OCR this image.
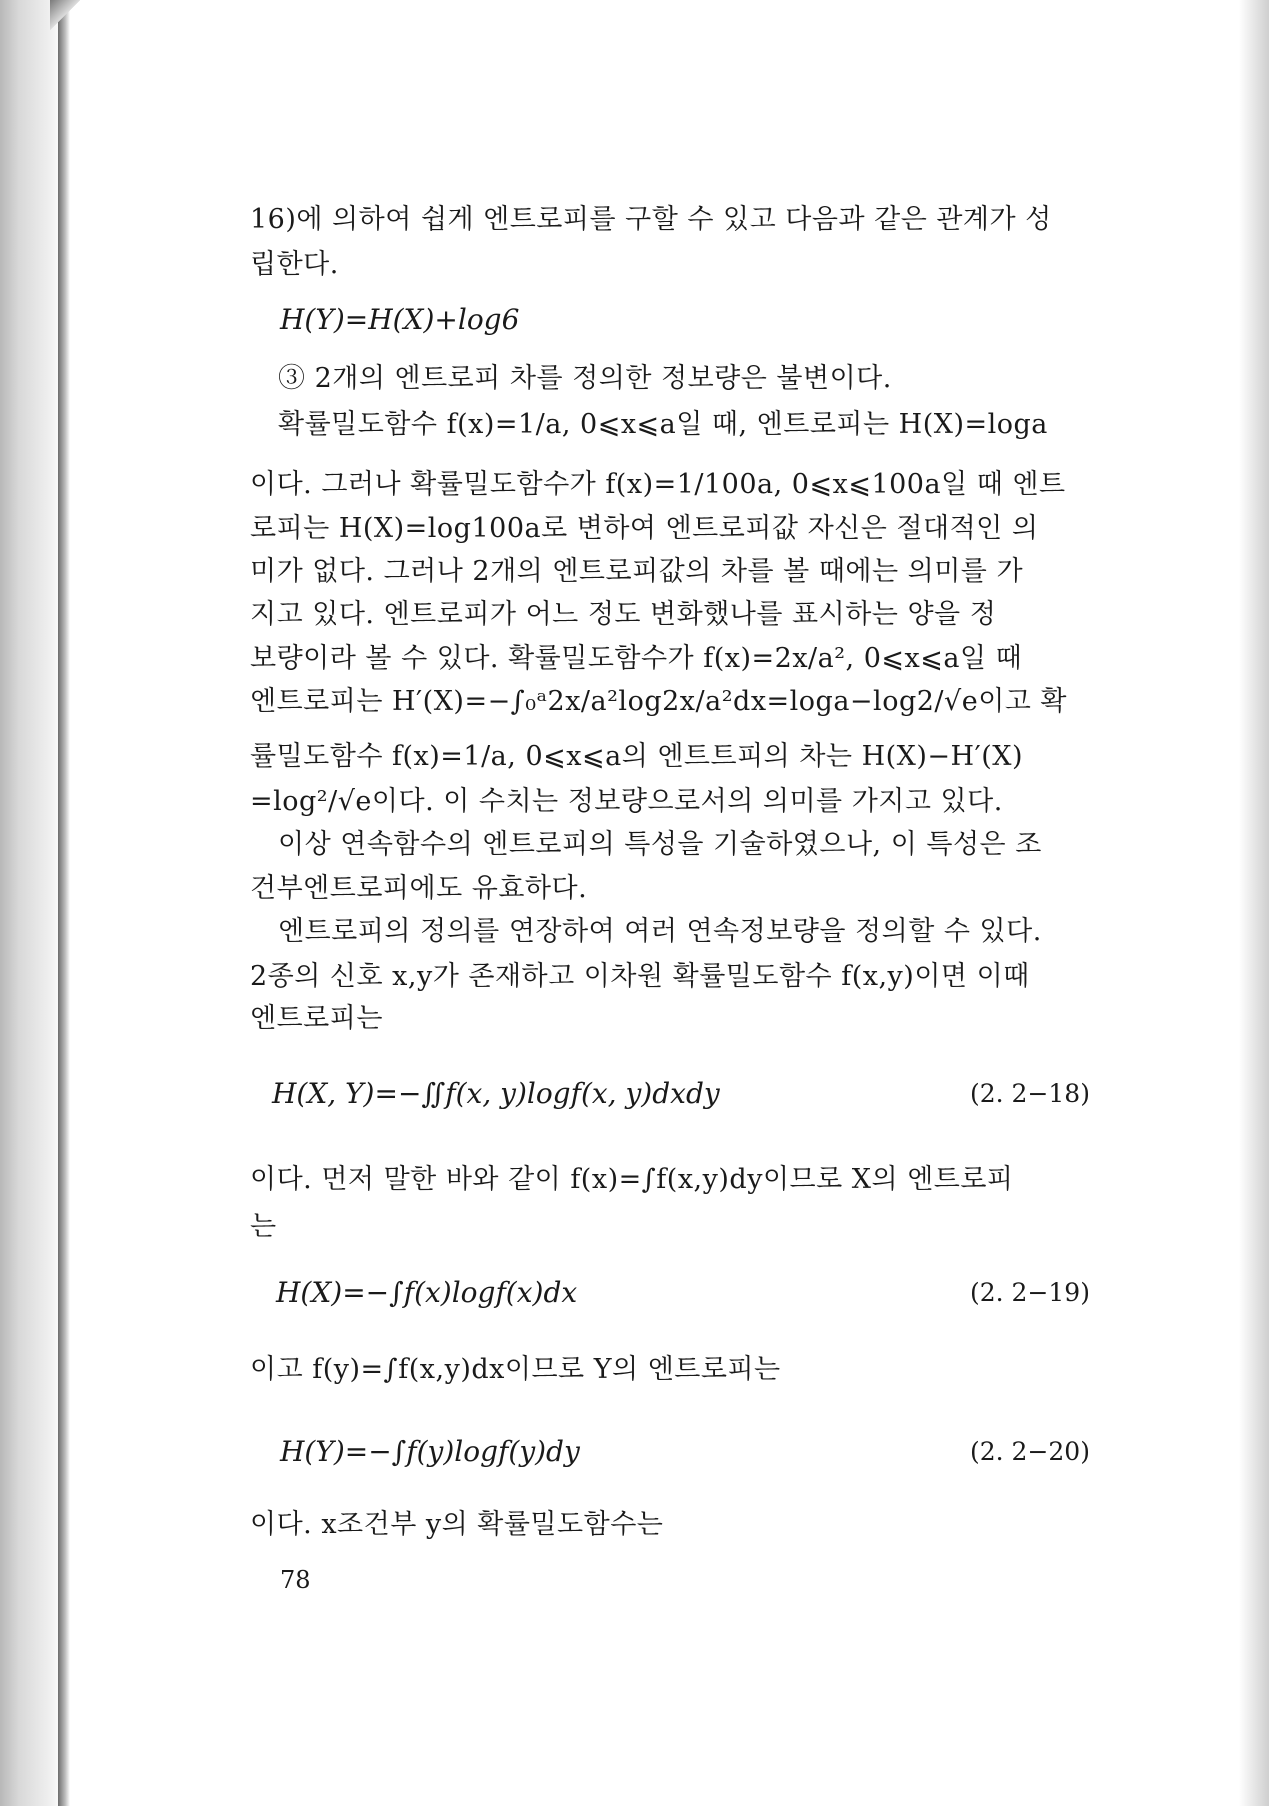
16)에 의하여 쉽게 엔트로피를 구할 수 있고 다음과 같은 관계가 성
립한다.
H(Y)=H(X)+log6
③ 2개의 엔트로피 차를 정의한 정보량은 불변이다.
확률밀도함수 f(x)=1/a, 0⩽x⩽a일 때, 엔트로피는 H(X)=loga
이다. 그러나 확률밀도함수가 f(x)=1/100a, 0⩽x⩽100a일 때 엔트
로피는 H(X)=log100a로 변하여 엔트로피값 자신은 절대적인 의
미가 없다. 그러나 2개의 엔트로피값의 차를 볼 때에는 의미를 가
지고 있다. 엔트로피가 어느 정도 변화했나를 표시하는 양을 정
보량이라 볼 수 있다. 확률밀도함수가 f(x)=2x/a², 0⩽x⩽a일 때
엔트로피는 H′(X)=−∫₀ᵃ2x/a²log2x/a²dx=loga−log2/√e이고 확
률밀도함수 f(x)=1/a, 0⩽x⩽a의 엔트트피의 차는 H(X)−H′(X)
=log²/√e이다. 이 수치는 정보량으로서의 의미를 가지고 있다.
이상 연속함수의 엔트로피의 특성을 기술하였으나, 이 특성은 조
건부엔트로피에도 유효하다.
엔트로피의 정의를 연장하여 여러 연속정보량을 정의할 수 있다.
2종의 신호 x,y가 존재하고 이차원 확률밀도함수 f(x,y)이면 이때
엔트로피는
H(X, Y)=−∬f(x, y)logf(x, y)dxdy	(2. 2−18)
이다. 먼저 말한 바와 같이 f(x)=∫f(x,y)dy이므로 X의 엔트로피
는
H(X)=−∫f(x)logf(x)dx	(2. 2−19)
이고 f(y)=∫f(x,y)dx이므로 Y의 엔트로피는
H(Y)=−∫f(y)logf(y)dy	(2. 2−20)
이다. x조건부 y의 확률밀도함수는
78
